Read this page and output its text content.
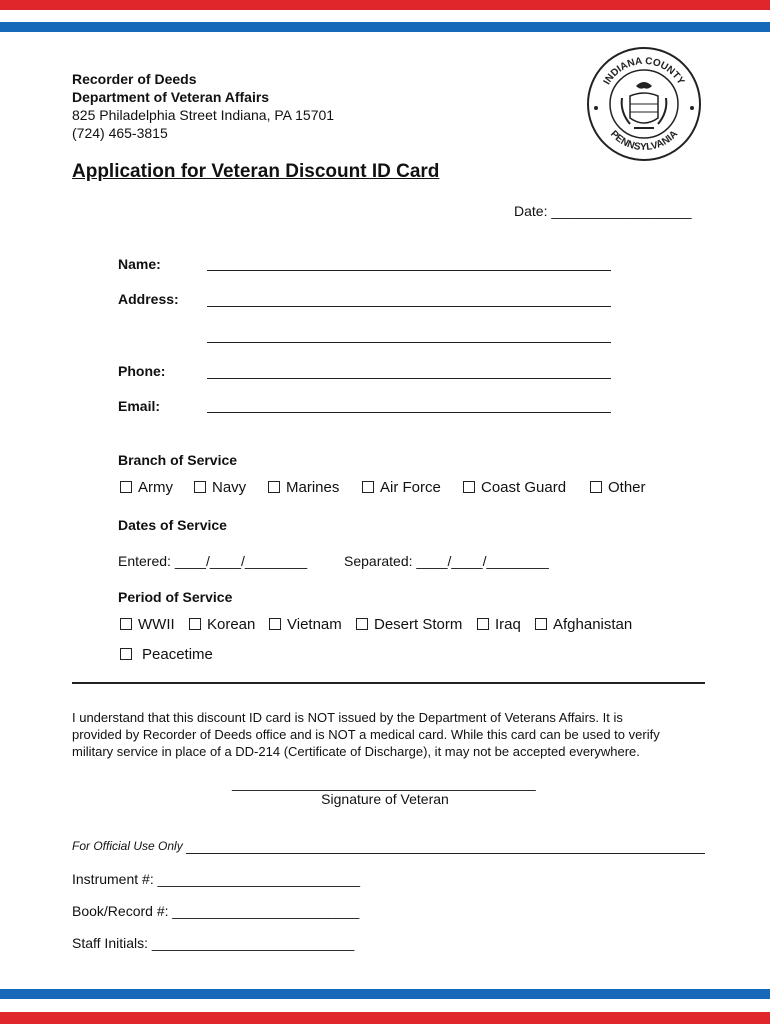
Recorder of Deeds
Department of Veteran Affairs
825 Philadelphia Street Indiana, PA 15701
(724) 465-3815
INDIANA COUNTY
PENNSYLVANIA
Application for Veteran Discount ID Card
Date: __________________
Name:
Address:
Phone:
Email:
Branch of Service
Army	Navy	Marines	Air Force	Coast Guard	Other
Dates of Service
Entered: ____/____/________	Separated: ____/____/________
Period of Service
WWII	Korean	Vietnam	Desert Storm	Iraq	Afghanistan
Peacetime
I understand that this discount ID card is NOT issued by the Department of Veterans Affairs. It is provided by Recorder of Deeds office and is NOT a medical card. While this card can be used to verify military service in place of a DD-214 (Certificate of Discharge), it may not be accepted everywhere.
_______________________________________
Signature of Veteran
For Official Use Only
Instrument #: __________________________
Book/Record #: ________________________
Staff Initials: __________________________
